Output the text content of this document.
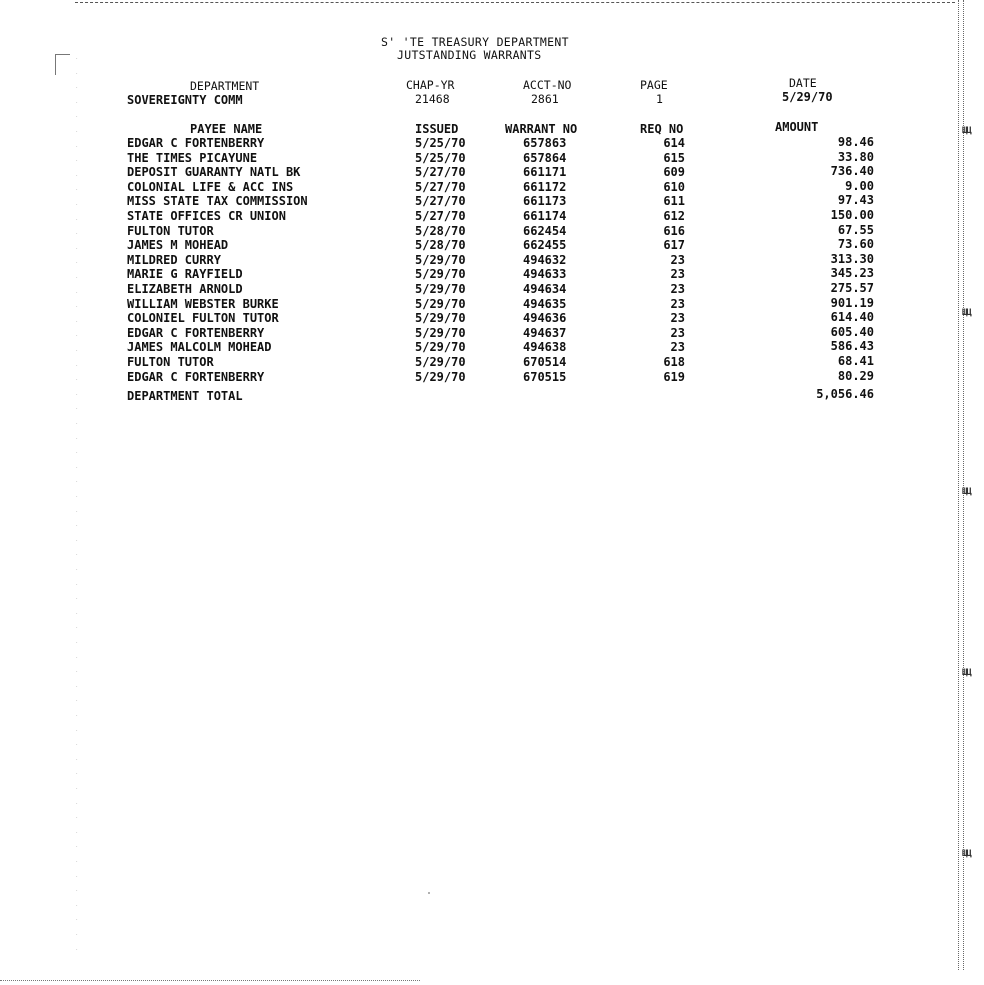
ЩЦ
ЩЦ
ЩЦ
ЩЦ
ЩЦ
·
·
·
·
·
·
·
·
·
·
·
·
·
·
·
·
·
·
·
·
·
·
·
·
·
·
·
·
·
·
·
·
·
·
·
·
·
·
·
·
·
·
·
·
·
·
·
·
·
·
·
·
·
·
·
·
·
·
·
·
·
·
S' 'TE TREASURY DEPARTMENT
JUTSTANDING WARRANTS
DEPARTMENT	CHAP-YR	ACCT-NO	PAGE	DATE
SOVEREIGNTY COMM	21468	2861	1	5/29/70
PAYEE NAME	ISSUED	WARRANT NO	REQ NO	AMOUNT
EDGAR C FORTENBERRY	5/25/70	657863	614	98.46
THE TIMES PICAYUNE	5/25/70	657864	615	33.80
DEPOSIT GUARANTY NATL BK	5/27/70	661171	609	736.40
COLONIAL LIFE & ACC INS	5/27/70	661172	610	9.00
MISS STATE TAX COMMISSION	5/27/70	661173	611	97.43
STATE OFFICES CR UNION	5/27/70	661174	612	150.00
FULTON TUTOR	5/28/70	662454	616	67.55
JAMES M MOHEAD	5/28/70	662455	617	73.60
MILDRED CURRY	5/29/70	494632	23	313.30
MARIE G RAYFIELD	5/29/70	494633	23	345.23
ELIZABETH ARNOLD	5/29/70	494634	23	275.57
WILLIAM WEBSTER BURKE	5/29/70	494635	23	901.19
COLONIEL FULTON TUTOR	5/29/70	494636	23	614.40
EDGAR C FORTENBERRY	5/29/70	494637	23	605.40
JAMES MALCOLM MOHEAD	5/29/70	494638	23	586.43
FULTON TUTOR	5/29/70	670514	618	68.41
EDGAR C FORTENBERRY	5/29/70	670515	619	80.29
DEPARTMENT TOTAL	5,056.46
